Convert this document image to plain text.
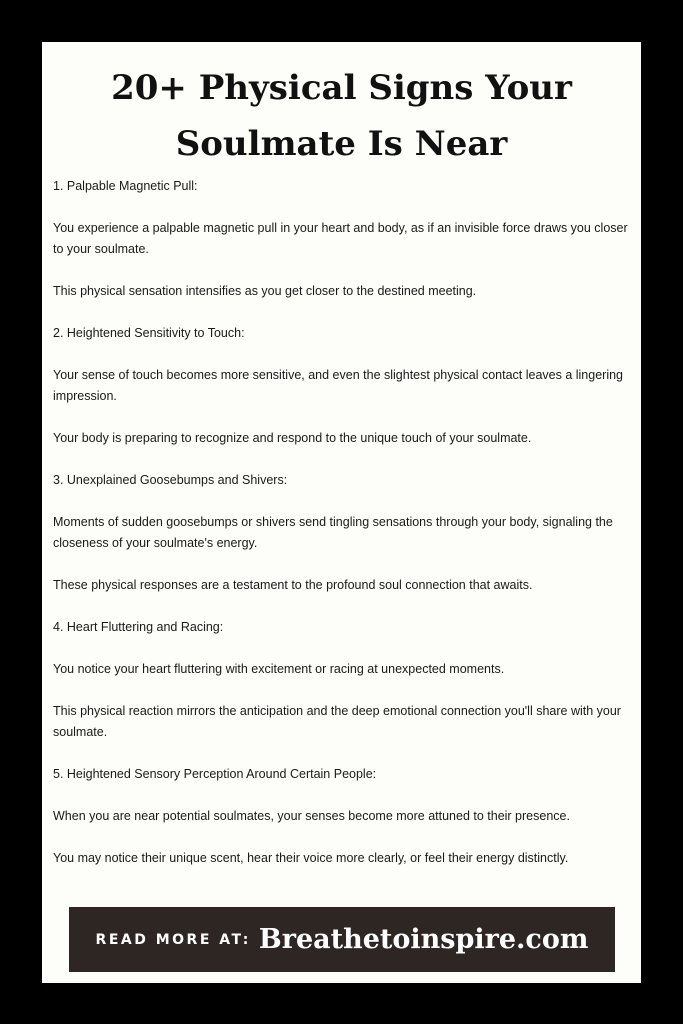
20+ Physical Signs Your
Soulmate Is Near

1. Palpable Magnetic Pull:

You experience a palpable magnetic pull in your heart and body, as if an invisible force draws you closer to your soulmate.

This physical sensation intensifies as you get closer to the destined meeting.

2. Heightened Sensitivity to Touch:

Your sense of touch becomes more sensitive, and even the slightest physical contact leaves a lingering impression.

Your body is preparing to recognize and respond to the unique touch of your soulmate.

3. Unexplained Goosebumps and Shivers:

Moments of sudden goosebumps or shivers send tingling sensations through your body, signaling the closeness of your soulmate's energy.

These physical responses are a testament to the profound soul connection that awaits.

4. Heart Fluttering and Racing:

You notice your heart fluttering with excitement or racing at unexpected moments.

This physical reaction mirrors the anticipation and the deep emotional connection you'll share with your soulmate.

5. Heightened Sensory Perception Around Certain People:

When you are near potential soulmates, your senses become more attuned to their presence.

You may notice their unique scent, hear their voice more clearly, or feel their energy distinctly.

READ MORE AT: Breathetoinspire.com
